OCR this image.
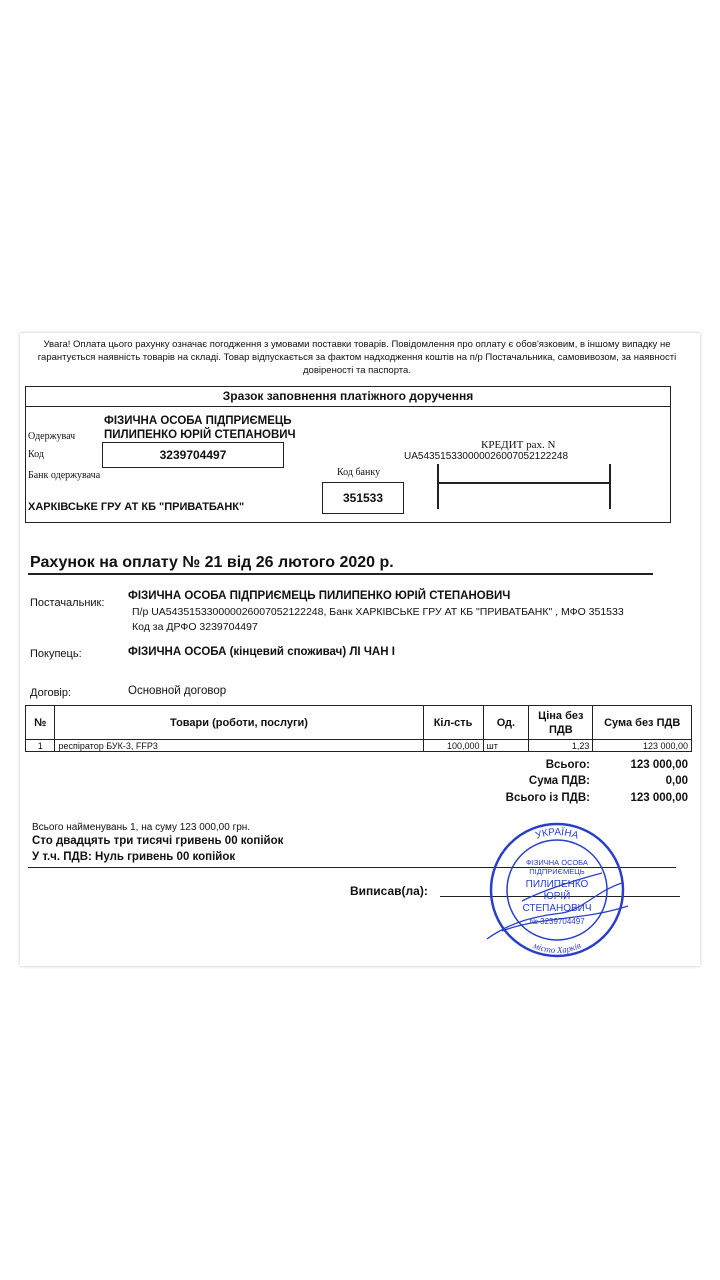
Увага! Оплата цього рахунку означає погодження з умовами поставки товарів. Повідомлення про оплату є обов'язковим, в іншому випадку не гарантується наявність товарів на складі. Товар відпускається за фактом надходження коштів на п/р Постачальника, самовивозом, за наявності довіреності та паспорта.
Зразок заповнення платіжного доручення
ФІЗИЧНА ОСОБА ПІДПРИЄМЕЦЬ
Одержувач	ПИЛИПЕНКО ЮРІЙ СТЕПАНОВИЧ
Код	3239704497
Банк одержувача
ХАРКІВСЬКЕ ГРУ АТ КБ "ПРИВАТБАНК"
Код банку
351533
КРЕДИТ рах. N
UA543515330000026007052122248
Рахунок на оплату № 21 від 26 лютого 2020 р.
Постачальник:
ФІЗИЧНА ОСОБА ПІДПРИЄМЕЦЬ ПИЛИПЕНКО ЮРІЙ СТЕПАНОВИЧ
П/р UA543515330000026007052122248, Банк ХАРКІВСЬКЕ ГРУ АТ КБ "ПРИВАТБАНК" , МФО 351533
Код за ДРФО 3239704497
Покупець:	ФІЗИЧНА ОСОБА (кінцевий споживач) ЛІ ЧАН І
Договір:	Основной договор
№	Товари (роботи, послуги)	Кіл-сть	Од.	Ціна без
ПДВ	Сума без ПДВ
1	респіратор БУК-3, FFP3	100,000	шт	1,23	123 000,00
Всього:	123 000,00
Сума ПДВ:	0,00
Всього із ПДВ:	123 000,00
Всього найменувань 1, на суму 123 000,00 грн.
Сто двадцять три тисячі гривень 00 копійок
У т.ч. ПДВ: Нуль гривень 00 копійок
Виписав(ла):
УКРАЇНА
місто Харків
ФІЗИЧНА ОСОБА
ПІДПРИЄМЕЦЬ
ПИЛИПЕНКО
ЮРІЙ
СТЕПАНОВИЧ
№ 3239704497
